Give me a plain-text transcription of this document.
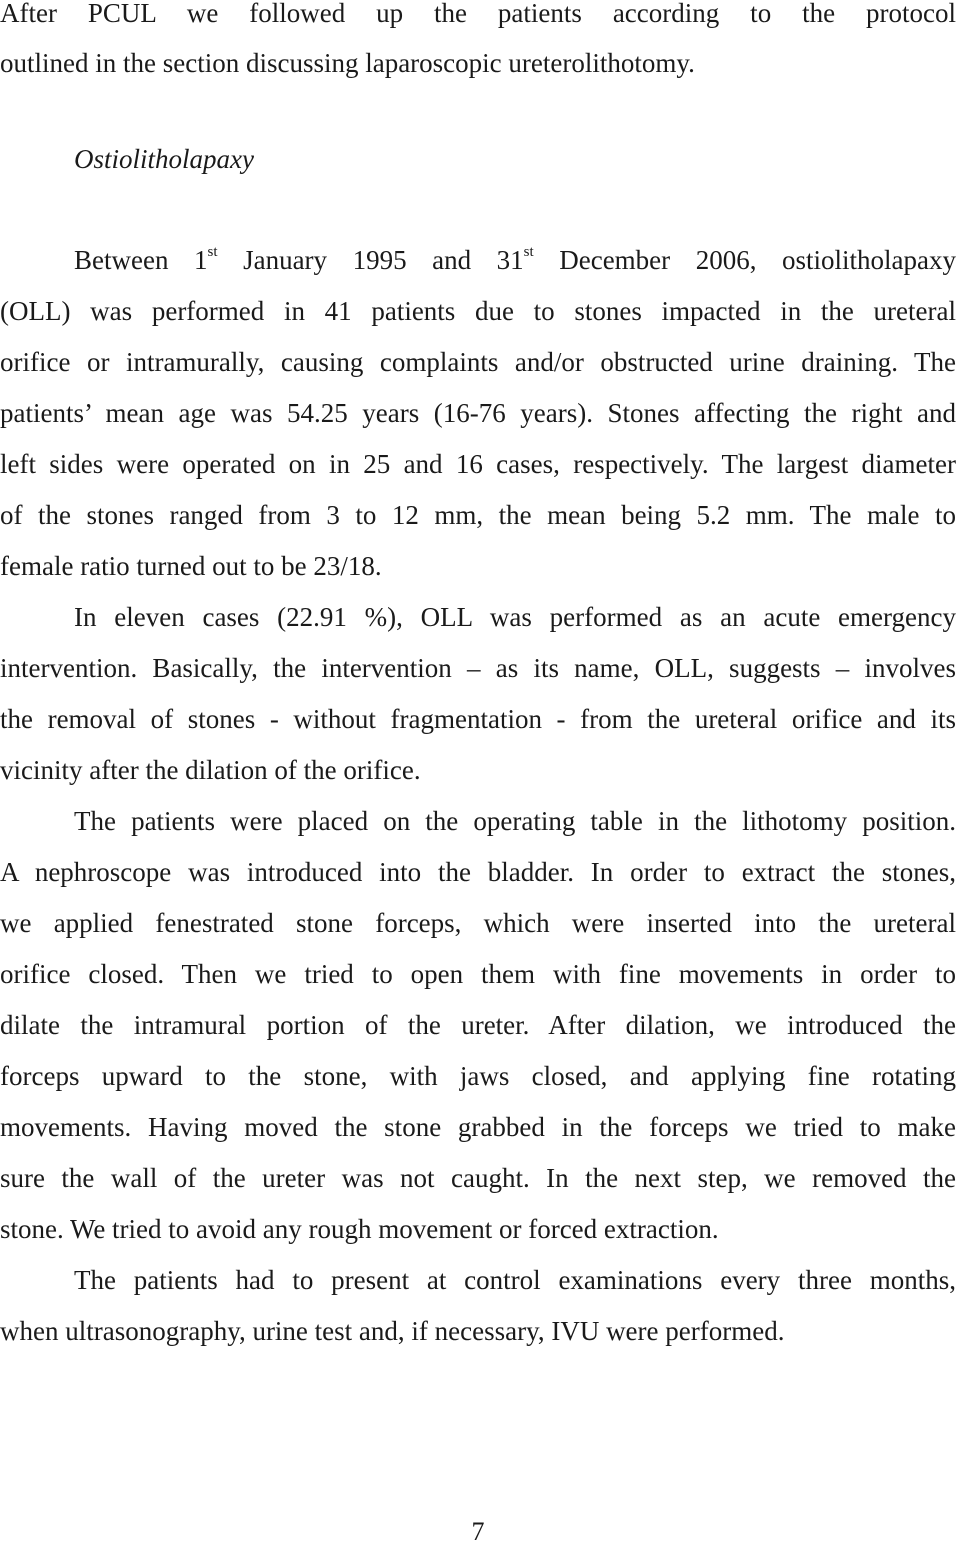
After PCUL we followed up the patients according to the protocol
outlined in the section discussing laparoscopic ureterolithotomy.
Ostiolitholapaxy
Between 1st January 1995 and 31st December 2006, ostiolitholapaxy
(OLL) was performed in 41 patients due to stones impacted in the ureteral
orifice or intramurally, causing complaints and/or obstructed urine draining. The
patients’ mean age was 54.25 years (16-76 years). Stones affecting the right and
left sides were operated on in 25 and 16 cases, respectively. The largest diameter
of the stones ranged from 3 to 12 mm, the mean being 5.2 mm. The male to
female ratio turned out to be 23/18.
In eleven cases (22.91 %), OLL was performed as an acute emergency
intervention. Basically, the intervention – as its name, OLL, suggests – involves
the removal of stones - without fragmentation - from the ureteral orifice and its
vicinity after the dilation of the orifice.
The patients were placed on the operating table in the lithotomy position.
A nephroscope was introduced into the bladder. In order to extract the stones,
we applied fenestrated stone forceps, which were inserted into the ureteral
orifice closed. Then we tried to open them with fine movements in order to
dilate the intramural portion of the ureter. After dilation, we introduced the
forceps upward to the stone, with jaws closed, and applying fine rotating
movements. Having moved the stone grabbed in the forceps we tried to make
sure the wall of the ureter was not caught. In the next step, we removed the
stone. We tried to avoid any rough movement or forced extraction.
The patients had to present at control examinations every three months,
when ultrasonography, urine test and, if necessary, IVU were performed.
7
